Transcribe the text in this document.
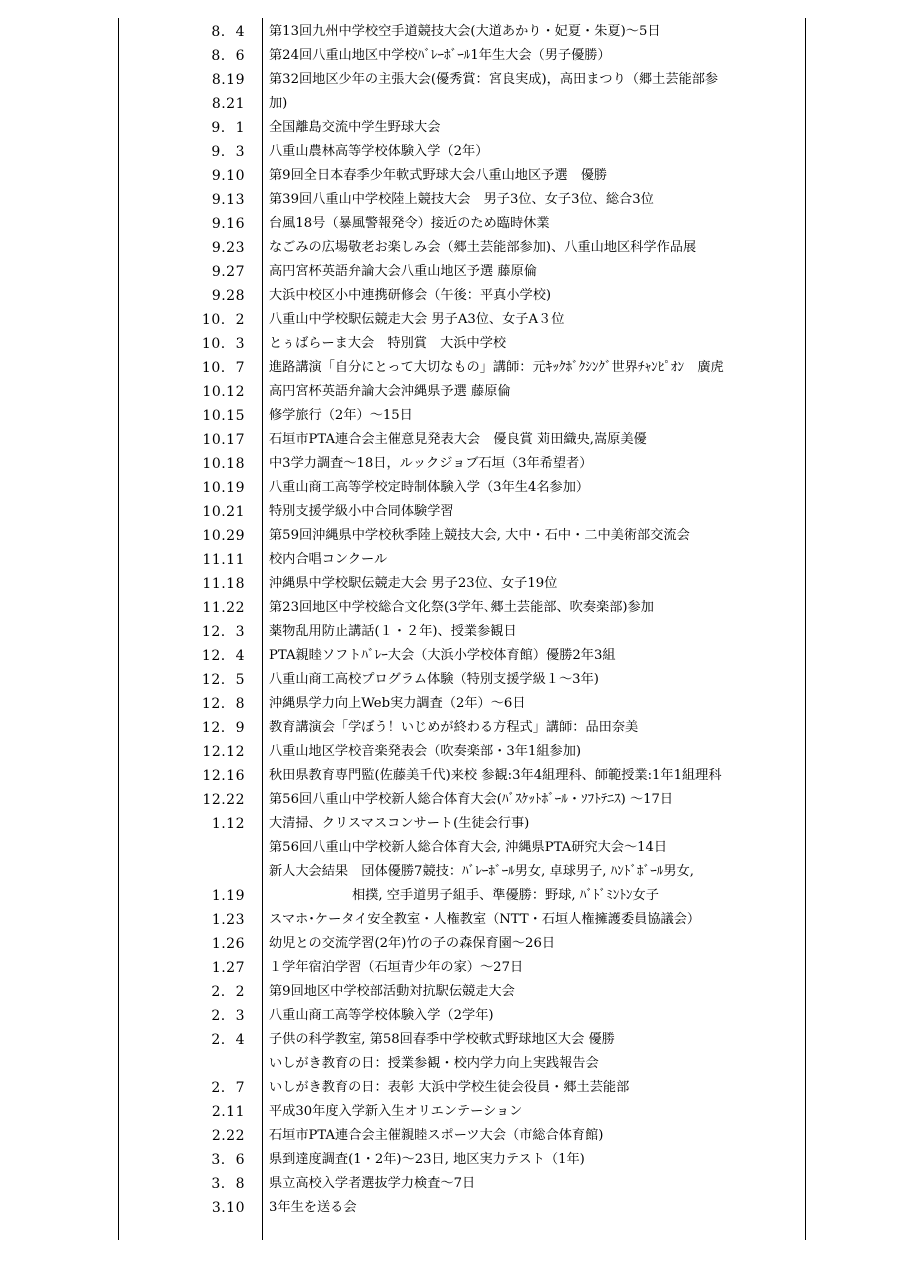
8.  4 第13回九州中学校空手道競技大会(大道あかり・妃夏・朱夏)～5日
8.  6 第24回八重山地区中学校ﾊﾞﾚｰﾎﾞｰﾙ1年生大会（男子優勝）
8.19 第32回地区少年の主張大会(優秀賞：宮良実成)，高田まつり（郷土芸能部参
8.21 加)
9.  1 全国離島交流中学生野球大会
9.  3 八重山農林高等学校体験入学（2年）
9.10 第9回全日本春季少年軟式野球大会八重山地区予選　優勝
9.13 第39回八重山中学校陸上競技大会　男子3位、女子3位、総合3位
9.16 台風18号（暴風警報発令）接近のため臨時休業
9.23 なごみの広場敬老お楽しみ会（郷土芸能部参加)、八重山地区科学作品展
9.27 高円宮杯英語弁論大会八重山地区予選 藤原倫
9.28 大浜中校区小中連携研修会（午後：平真小学校)
10.  2 八重山中学校駅伝競走大会 男子A3位、女子A３位
10.  3 とぅばらーま大会　特別賞　大浜中学校
10.  7 進路講演「自分にとって大切なもの」講師：元ｷｯｸﾎﾞｸｼﾝｸﾞ世界ﾁｬﾝﾋﾟｵﾝ　廣虎
10.12 高円宮杯英語弁論大会沖縄県予選 藤原倫
10.15 修学旅行（2年）～15日
10.17 石垣市PTA連合会主催意見発表大会　優良賞 苅田織央,嵩原美優
10.18 中3学力調査～18日，ルックジョブ石垣（3年希望者）
10.19 八重山商工高等学校定時制体験入学（3年生4名参加）
10.21 特別支援学級小中合同体験学習
10.29 第59回沖縄県中学校秋季陸上競技大会, 大中・石中・二中美術部交流会
11.11 校内合唱コンクール
11.18 沖縄県中学校駅伝競走大会 男子23位、女子19位
11.22 第23回地区中学校総合文化祭(3学年､郷土芸能部、吹奏楽部)参加
12.  3 薬物乱用防止講話(１・２年)、授業参観日
12.  4 PTA親睦ソフトﾊﾞﾚｰ大会（大浜小学校体育館）優勝2年3組
12.  5 八重山商工高校プログラム体験（特別支援学級１～3年)
12.  8 沖縄県学力向上Web実力調査（2年）～6日
12.  9 教育講演会「学ぼう！いじめが終わる方程式」講師：品田奈美
12.12 八重山地区学校音楽発表会（吹奏楽部・3年1組参加)
12.16 秋田県教育専門監(佐藤美千代)来校 参観:3年4組理科、師範授業:1年1組理科
12.22 第56回八重山中学校新人総合体育大会(ﾊﾞｽｹｯﾄﾎﾞｰﾙ・ｿﾌﾄﾃﾆｽ) ～17日
1.12 大清掃、クリスマスコンサート(生徒会行事)
1.19
第56回八重山中学校新人総合体育大会, 沖縄県PTA研究大会～14日
新人大会結果　団体優勝7競技：ﾊﾞﾚｰﾎﾞｰﾙ男女, 卓球男子, ﾊﾝﾄﾞﾎﾞｰﾙ男女,
相撲, 空手道男子組手、準優勝：野球, ﾊﾞﾄﾞﾐﾝﾄﾝ女子
1.23 スマホ･ケータイ安全教室・人権教室（NTT・石垣人権擁護委員協議会）
1.26 幼児との交流学習(2年)竹の子の森保育園～26日
1.27 １学年宿泊学習（石垣青少年の家）～27日
2.  2 第9回地区中学校部活動対抗駅伝競走大会
2.  3 八重山商工高等学校体験入学（2学年)
2.  4 子供の科学教室, 第58回春季中学校軟式野球地区大会 優勝
いしがき教育の日：授業参観・校内学力向上実践報告会
2.  7 いしがき教育の日：表彰 大浜中学校生徒会役員・郷土芸能部
2.11 平成30年度入学新入生オリエンテーション
2.22 石垣市PTA連合会主催親睦スポーツ大会（市総合体育館)
3.  6 県到達度調査(1・2年)～23日, 地区実力テスト（1年)
3.  8 県立高校入学者選抜学力検査～7日
3.10 3年生を送る会
